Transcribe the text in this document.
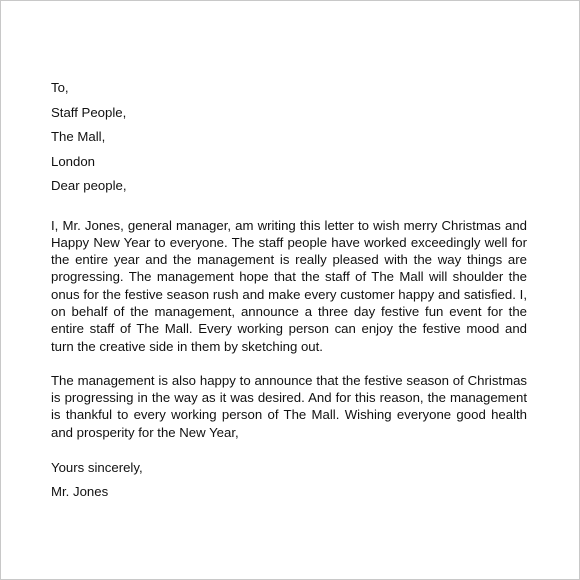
To,
Staff People,
The Mall,
London
Dear people,

I, Mr. Jones, general manager, am writing this letter to wish merry Christmas and Happy New Year to everyone. The staff people have worked exceedingly well for the entire year and the management is really pleased with the way things are progressing. The management hope that the staff of The Mall will shoulder the onus for the festive season rush and make every customer happy and satisfied. I, on behalf of the management, announce a three day festive fun event for the entire staff of The Mall. Every working person can enjoy the festive mood and turn the creative side in them by sketching out.

The management is also happy to announce that the festive season of Christmas is progressing in the way as it was desired. And for this reason, the management is thankful to every working person of The Mall. Wishing everyone good health and prosperity for the New Year,

Yours sincerely,
Mr. Jones
